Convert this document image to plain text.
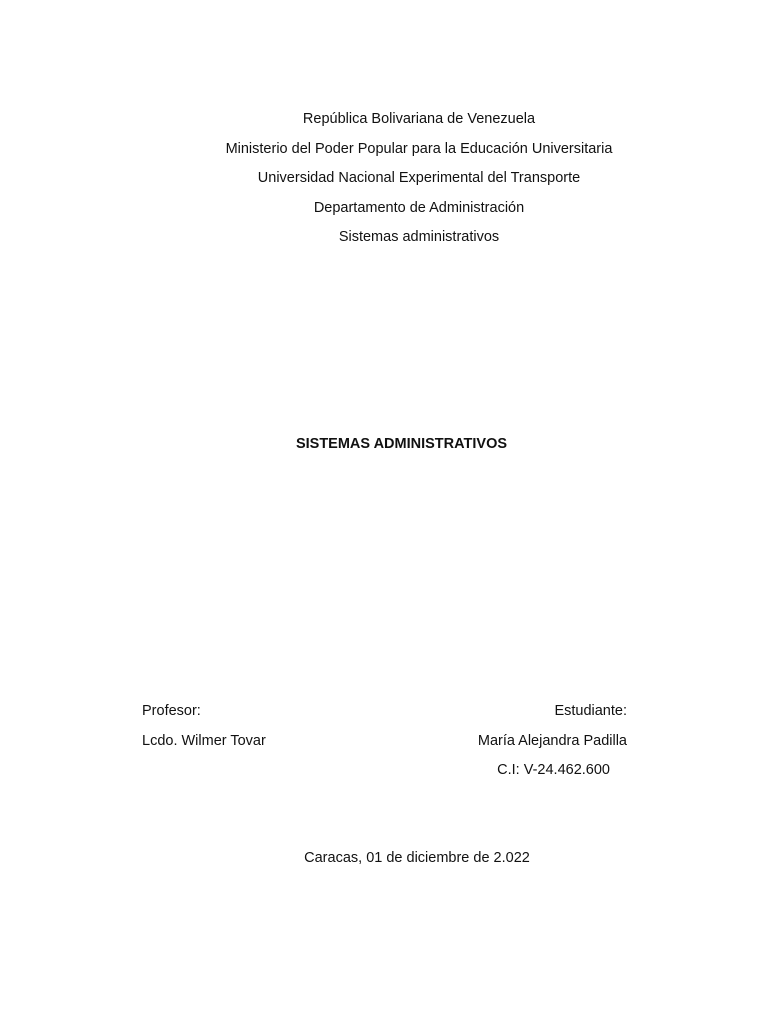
República Bolivariana de Venezuela
Ministerio del Poder Popular para la Educación Universitaria
Universidad Nacional Experimental del Transporte
Departamento de Administración
Sistemas administrativos
SISTEMAS ADMINISTRATIVOS
Profesor:
Lcdo. Wilmer Tovar
Estudiante:
María Alejandra Padilla
C.I: V-24.462.600
Caracas, 01 de diciembre de 2.022
